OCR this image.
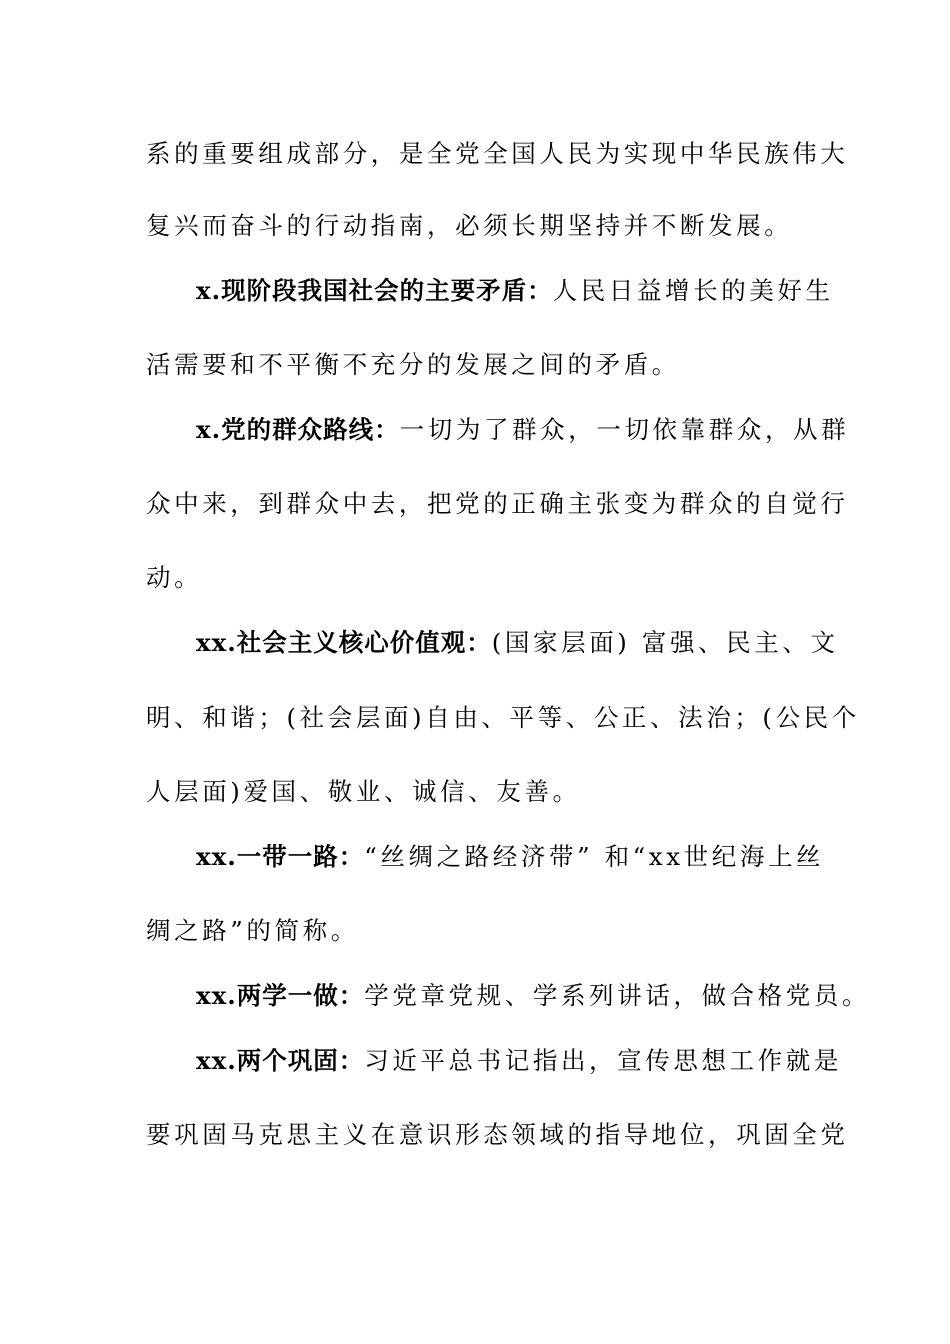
系的重要组成部分，是全党全国人民为实现中华民族伟大
复兴而奋斗的行动指南，必须长期坚持并不断发展。
x.现阶段我国社会的主要矛盾：人民日益增长的美好生
活需要和不平衡不充分的发展之间的矛盾。
x.党的群众路线：一切为了群众，一切依靠群众，从群
众中来，到群众中去，把党的正确主张变为群众的自觉行
动。
xx.社会主义核心价值观：(国家层面) 富强、民主、文
明、和谐；(社会层面)自由、平等、公正、法治；(公民个
人层面)爱国、敬业、诚信、友善。
xx.一带一路：“丝绸之路经济带” 和“xx世纪海上丝
绸之路”的简称。
xx.两学一做：学党章党规、学系列讲话，做合格党员。
xx.两个巩固：习近平总书记指出，宣传思想工作就是
要巩固马克思主义在意识形态领域的指导地位，巩固全党
